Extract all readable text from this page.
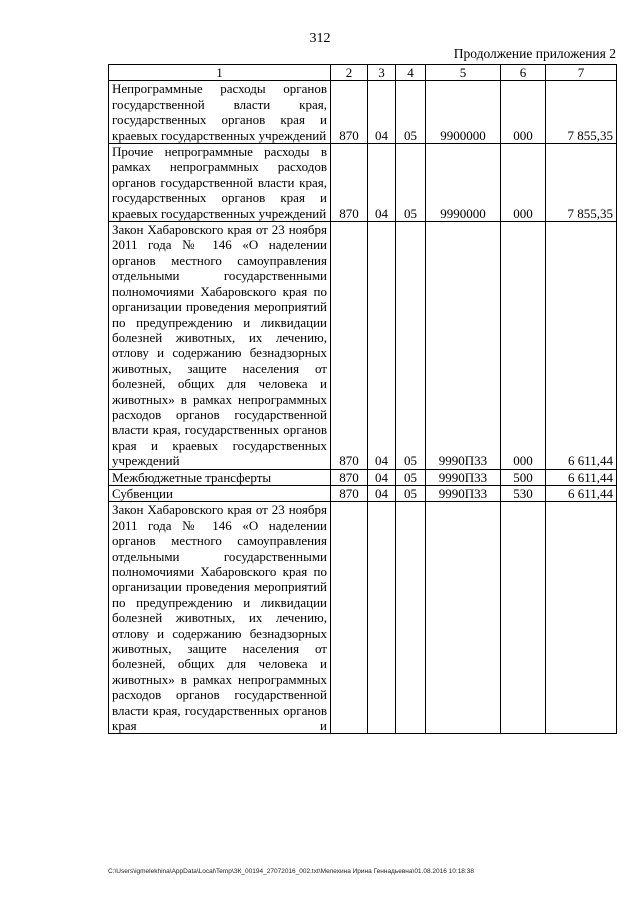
312
Продолжение приложения 2
1	2	3	4	5	6	7
Непрограммные расходы органов государственной власти края, государственных органов края и краевых государственных учреждений	870	04	05	9900000	000	7 855,35
Прочие непрограммные расходы в рамках непрограммных расходов органов государственной власти края, государственных органов края и краевых государственных учреждений	870	04	05	9990000	000	7 855,35
Закон Хабаровского края от 23 ноября 2011 года № 146 «О наделении органов местного самоуправления отдельными государственными полномочиями Хабаровского края по организации проведения мероприятий по предупреждению и ликвидации болезней животных, их лечению, отлову и содержанию безнадзорных животных, защите населения от болезней, общих для человека и животных» в рамках непрограммных расходов органов государственной власти края, государственных органов края и краевых государственных учреждений	870	04	05	9990П33	000	6 611,44
Межбюджетные трансферты	870	04	05	9990П33	500	6 611,44
Субвенции	870	04	05	9990П33	530	6 611,44
Закон Хабаровского края от 23 ноября 2011 года № 146 «О наделении органов местного самоуправления отдельными государственными полномочиями Хабаровского края по организации проведения мероприятий по предупреждению и ликвидации болезней животных, их лечению, отлову и содержанию безнадзорных животных, защите населения от болезней, общих для человека и животных» в рамках непрограммных расходов органов государственной власти края, государственных органов края и						
C:\Users\igmelekhina\AppData\Local\Temp\ЗК_00194_27072016_002.txt\Мелехина Ирина Геннадьевна\01.08.2016 10:18:38
